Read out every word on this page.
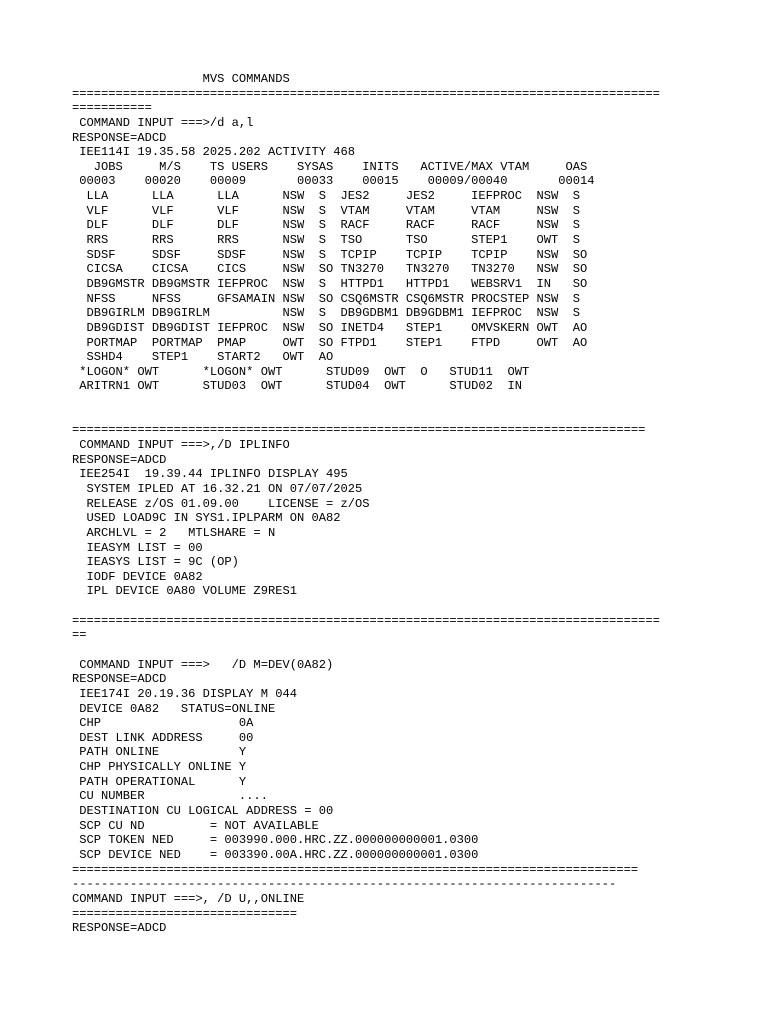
MVS COMMANDS
=================================================================================
===========
COMMAND INPUT ===>/d a,l
RESPONSE=ADCD
IEE114I 19.35.58 2025.202 ACTIVITY 468
JOBS     M/S    TS USERS    SYSAS    INITS   ACTIVE/MAX VTAM     OAS
00003    00020    00009       00033    00015    00009/00040       00014
LLA      LLA      LLA      NSW  S  JES2     JES2     IEFPROC  NSW  S
VLF      VLF      VLF      NSW  S  VTAM     VTAM     VTAM     NSW  S
DLF      DLF      DLF      NSW  S  RACF     RACF     RACF     NSW  S
RRS      RRS      RRS      NSW  S  TSO      TSO      STEP1    OWT  S
SDSF     SDSF     SDSF     NSW  S  TCPIP    TCPIP    TCPIP    NSW  SO
CICSA    CICSA    CICS     NSW  SO TN3270   TN3270   TN3270   NSW  SO
DB9GMSTR DB9GMSTR IEFPROC  NSW  S  HTTPD1   HTTPD1   WEBSRV1  IN   SO
NFSS     NFSS     GFSAMAIN NSW  SO CSQ6MSTR CSQ6MSTR PROCSTEP NSW  S
DB9GIRLM DB9GIRLM          NSW  S  DB9GDBM1 DB9GDBM1 IEFPROC  NSW  S
DB9GDIST DB9GDIST IEFPROC  NSW  SO INETD4   STEP1    OMVSKERN OWT  AO
PORTMAP  PORTMAP  PMAP     OWT  SO FTPD1    STEP1    FTPD     OWT  AO
SSHD4    STEP1    START2   OWT  AO
*LOGON* OWT      *LOGON* OWT      STUD09  OWT  O   STUD11  OWT
ARITRN1 OWT      STUD03  OWT      STUD04  OWT      STUD02  IN
===============================================================================
COMMAND INPUT ===>,/D IPLINFO
RESPONSE=ADCD
IEE254I  19.39.44 IPLINFO DISPLAY 495
SYSTEM IPLED AT 16.32.21 ON 07/07/2025
RELEASE z/OS 01.09.00    LICENSE = z/OS
USED LOAD9C IN SYS1.IPLPARM ON 0A82
ARCHLVL = 2   MTLSHARE = N
IEASYM LIST = 00
IEASYS LIST = 9C (OP)
IODF DEVICE 0A82
IPL DEVICE 0A80 VOLUME Z9RES1
=================================================================================
==
COMMAND INPUT ===>   /D M=DEV(0A82)
RESPONSE=ADCD
IEE174I 20.19.36 DISPLAY M 044
DEVICE 0A82   STATUS=ONLINE
CHP                   0A
DEST LINK ADDRESS     00
PATH ONLINE           Y
CHP PHYSICALLY ONLINE Y
PATH OPERATIONAL      Y
CU NUMBER             ....
DESTINATION CU LOGICAL ADDRESS = 00
SCP CU ND         = NOT AVAILABLE
SCP TOKEN NED     = 003990.000.HRC.ZZ.000000000001.0300
SCP DEVICE NED    = 003390.00A.HRC.ZZ.000000000001.0300
==============================================================================
---------------------------------------------------------------------------
COMMAND INPUT ===>, /D U,,ONLINE
===============================
RESPONSE=ADCD
